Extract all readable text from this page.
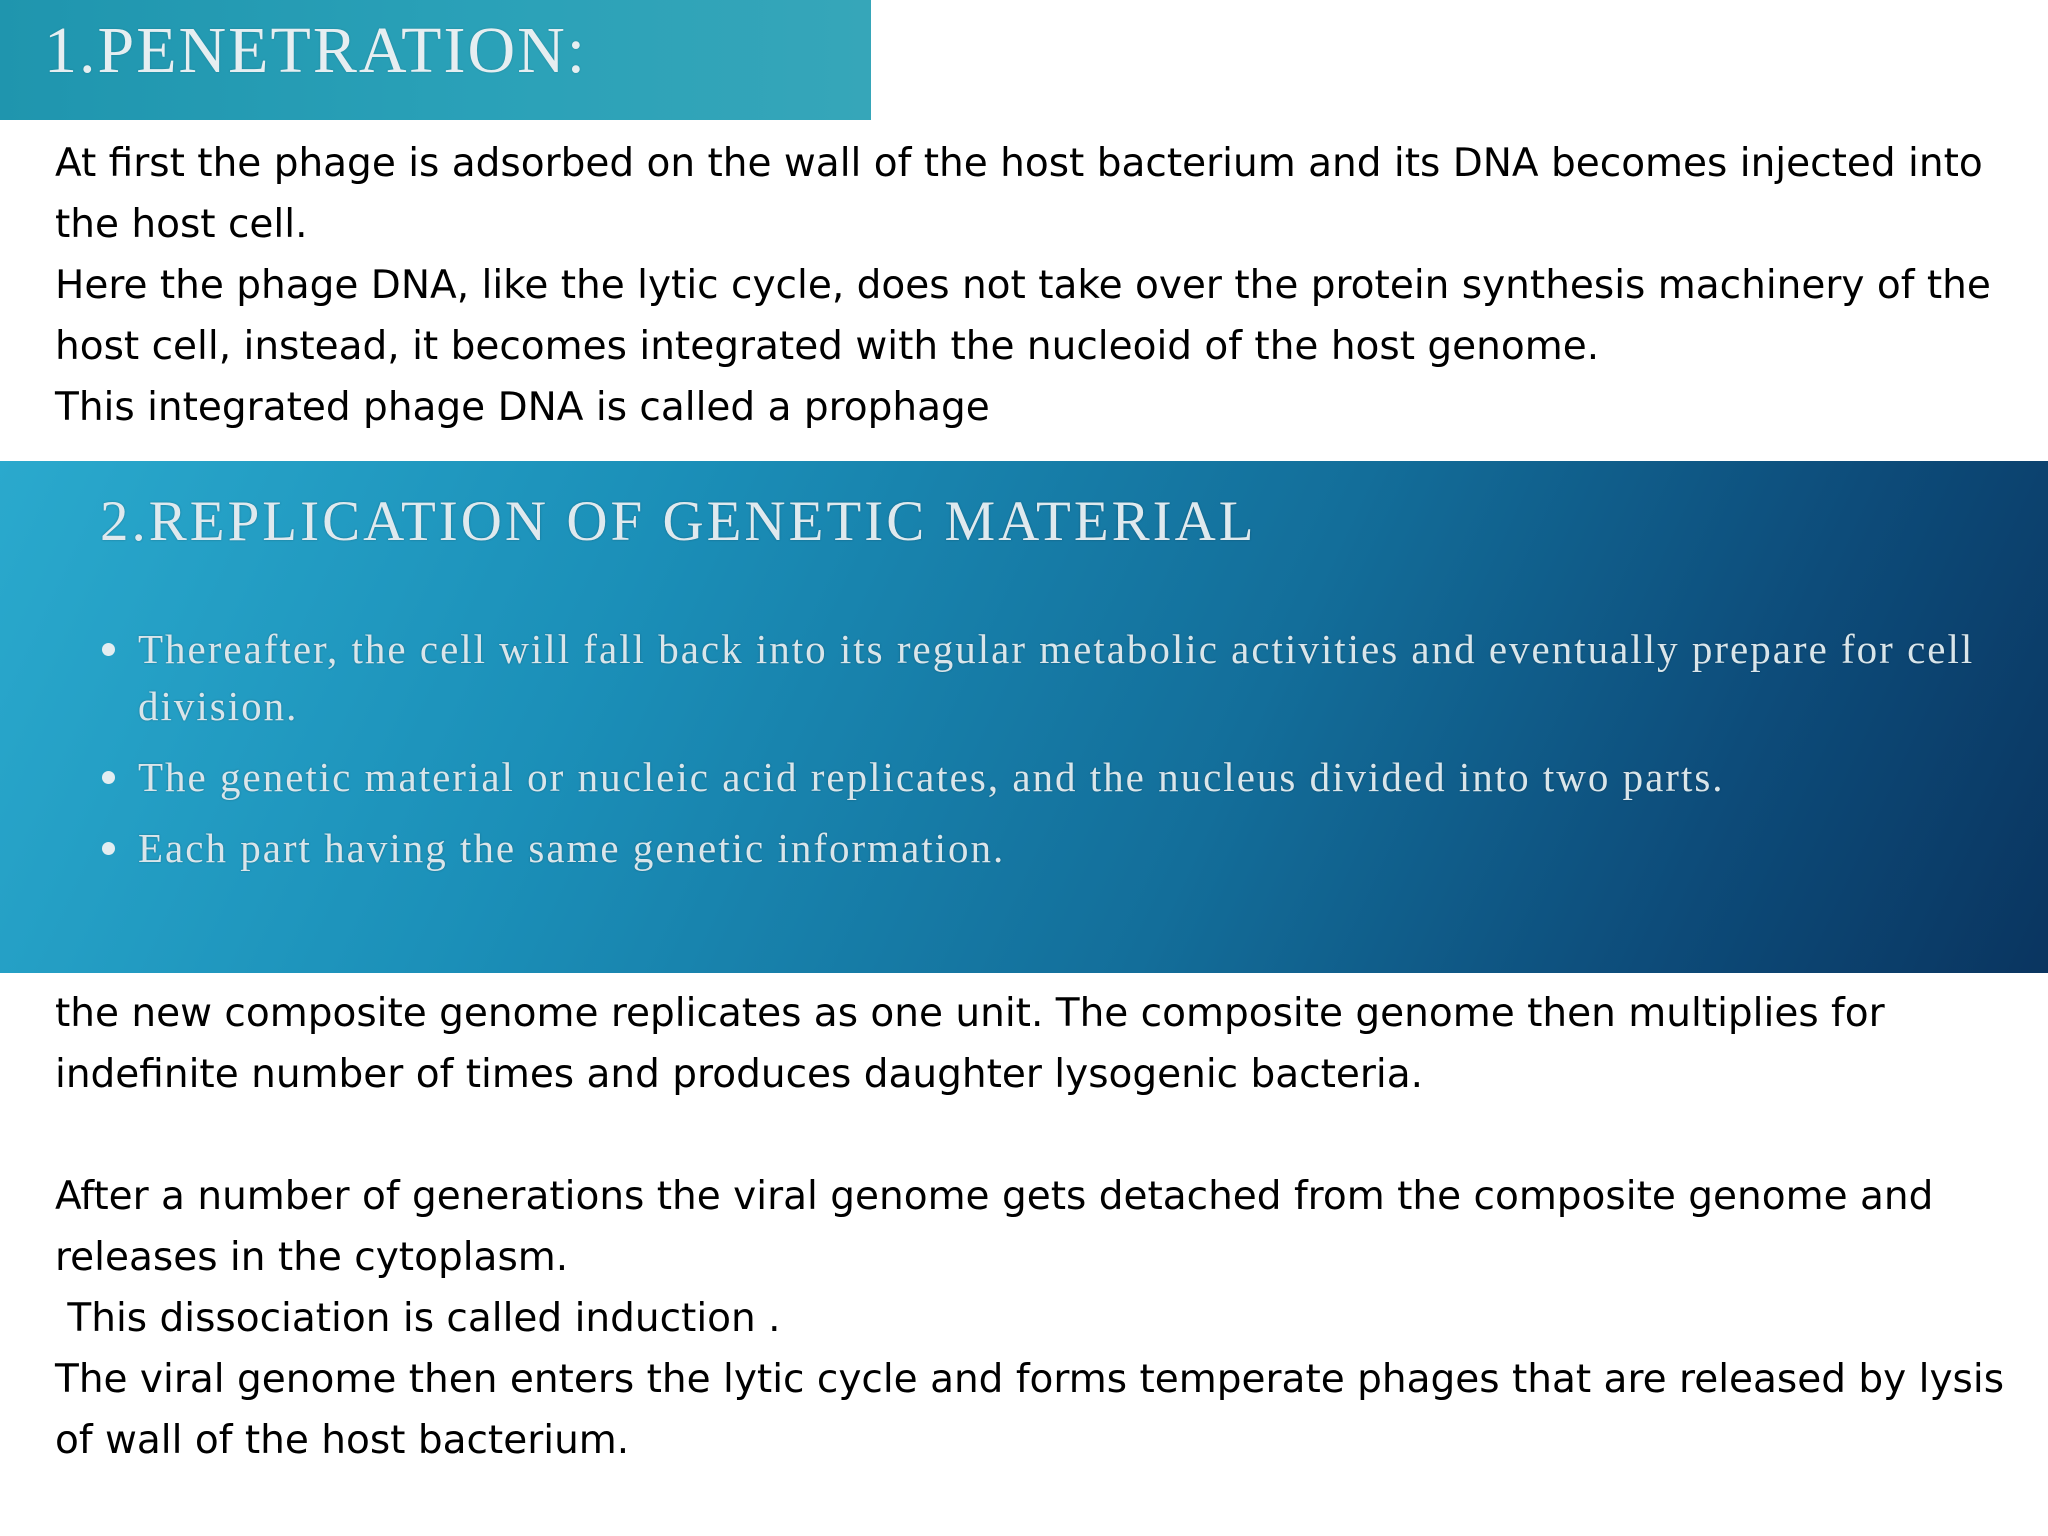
1.PENETRATION:

At first the phage is adsorbed on the wall of the host bacterium and its DNA becomes injected into the host cell.

Here the phage DNA, like the lytic cycle, does not take over the protein synthesis machinery of the host cell, instead, it becomes integrated with the nucleoid of the host genome.

This integrated phage DNA is called a prophage

2.REPLICATION OF GENETIC MATERIAL
Thereafter, the cell will fall back into its regular metabolic activities and eventually prepare for cell division.
The genetic material or nucleic acid replicates, and the nucleus divided into two parts.
Each part having the same genetic information.

the new composite genome replicates as one unit. The composite genome then multiplies for indefinite number of times and produces daughter lysogenic bacteria.

After a number of generations the viral genome gets detached from the composite genome and releases in the cytoplasm.

This dissociation is called induction .

The viral genome then enters the lytic cycle and forms temperate phages that are released by lysis of wall of the host bacterium.
